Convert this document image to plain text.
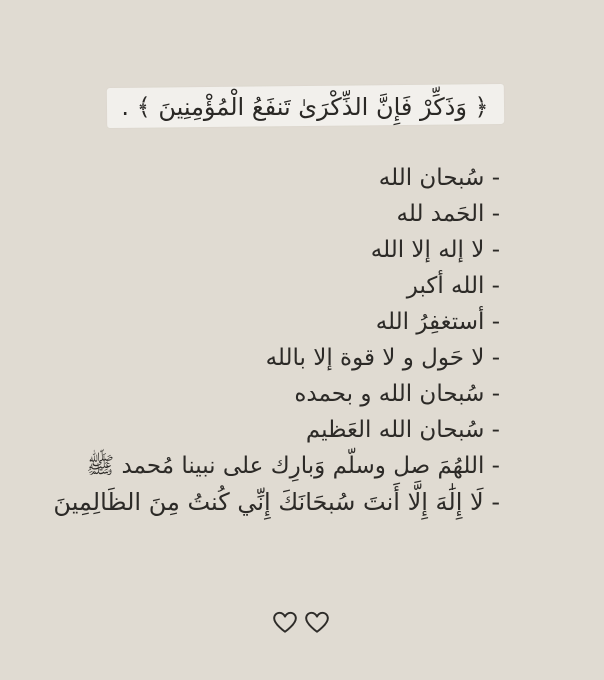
﴿ وَذَكِّرْ فَإِنَّ الذِّكْرَىٰ تَنفَعُ الْمُؤْمِنِينَ ﴾ .
- سُبحان الله
- الحَمد لله
- لا إله إلا الله
- الله أكبر
- أستغفِرُ الله
- لا حَول و لا قوة إلا بالله
- سُبحان الله و بحمده
- سُبحان الله العَظيم
- اللهُمَ صل وسلّم وَبارِك على نبينا مُحمد ﷺ
- لَا إِلَٰهَ إِلَّا أَنتَ سُبحَانَكَ إِنِّي كُنتُ مِنَ الظَالِمِينَ
